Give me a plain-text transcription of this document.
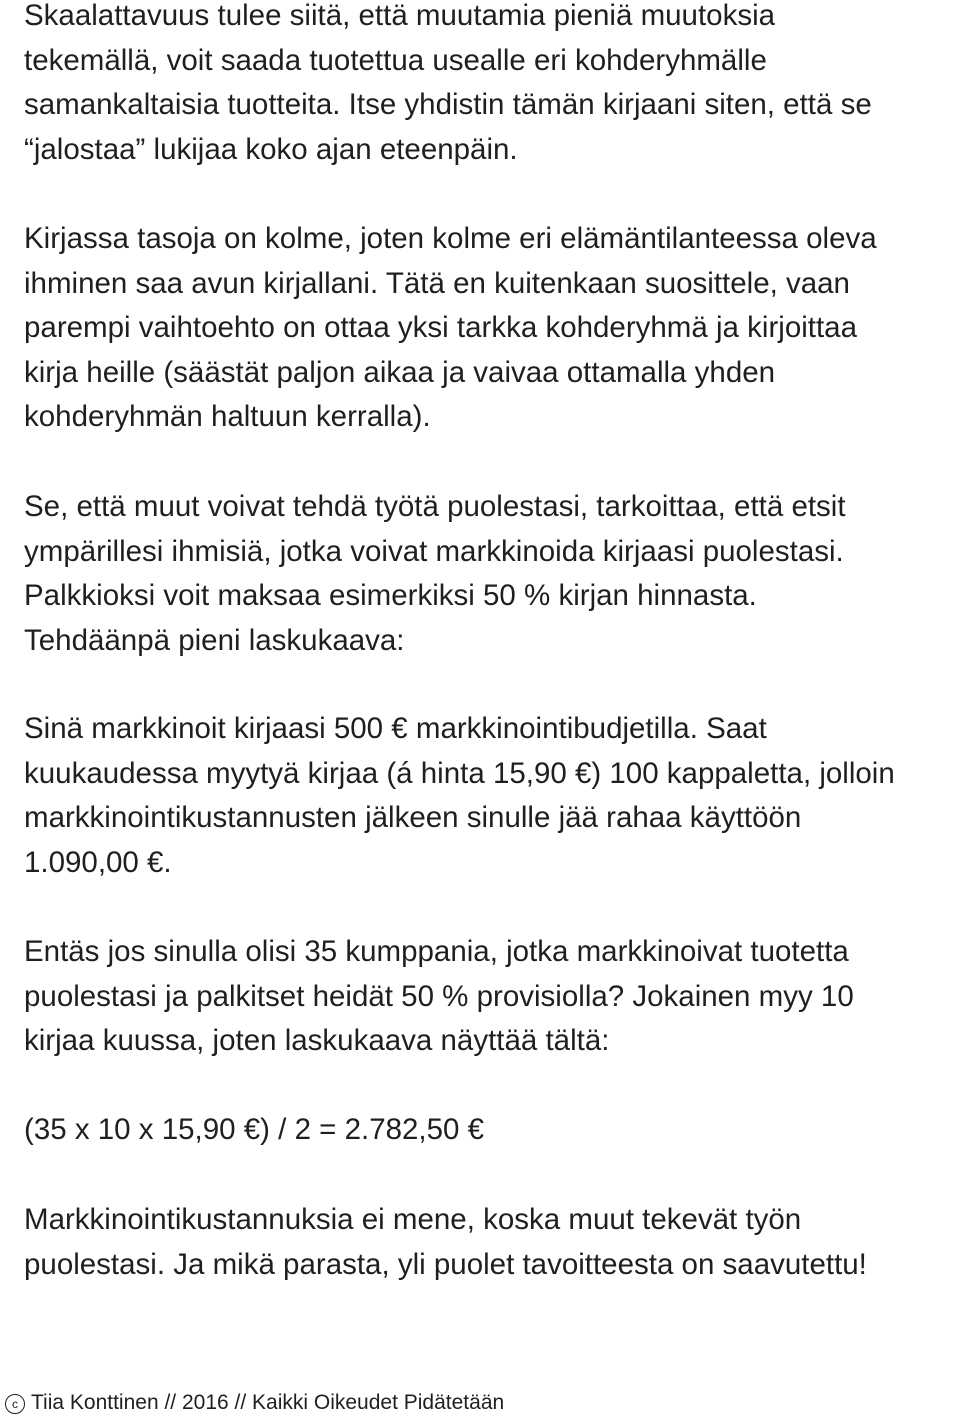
Skaalattavuus tulee siitä, että muutamia pieniä muutoksia
tekemällä, voit saada tuotettua usealle eri kohderyhmälle
samankaltaisia tuotteita. Itse yhdistin tämän kirjaani siten, että se
“jalostaa” lukijaa koko ajan eteenpäin.

Kirjassa tasoja on kolme, joten kolme eri elämäntilanteessa oleva
ihminen saa avun kirjallani. Tätä en kuitenkaan suosittele, vaan
parempi vaihtoehto on ottaa yksi tarkka kohderyhmä ja kirjoittaa
kirja heille (säästät paljon aikaa ja vaivaa ottamalla yhden
kohderyhmän haltuun kerralla).

Se, että muut voivat tehdä työtä puolestasi, tarkoittaa, että etsit
ympärillesi ihmisiä, jotka voivat markkinoida kirjaasi puolestasi.
Palkkioksi voit maksaa esimerkiksi 50 % kirjan hinnasta.
Tehdäänpä pieni laskukaava:

Sinä markkinoit kirjaasi 500 € markkinointibudjetilla. Saat
kuukaudessa myytyä kirjaa (á hinta 15,90 €) 100 kappaletta, jolloin
markkinointikustannusten jälkeen sinulle jää rahaa käyttöön
1.090,00 €.

Entäs jos sinulla olisi 35 kumppania, jotka markkinoivat tuotetta
puolestasi ja palkitset heidät 50 % provisiolla? Jokainen myy 10
kirjaa kuussa, joten laskukaava näyttää tältä:

(35 x 10 x 15,90 €) / 2 = 2.782,50 €

Markkinointikustannuksia ei mene, koska muut tekevät työn
puolestasi. Ja mikä parasta, yli puolet tavoitteesta on saavutettu!

c Tiia Konttinen // 2016 // Kaikki Oikeudet Pidätetään
